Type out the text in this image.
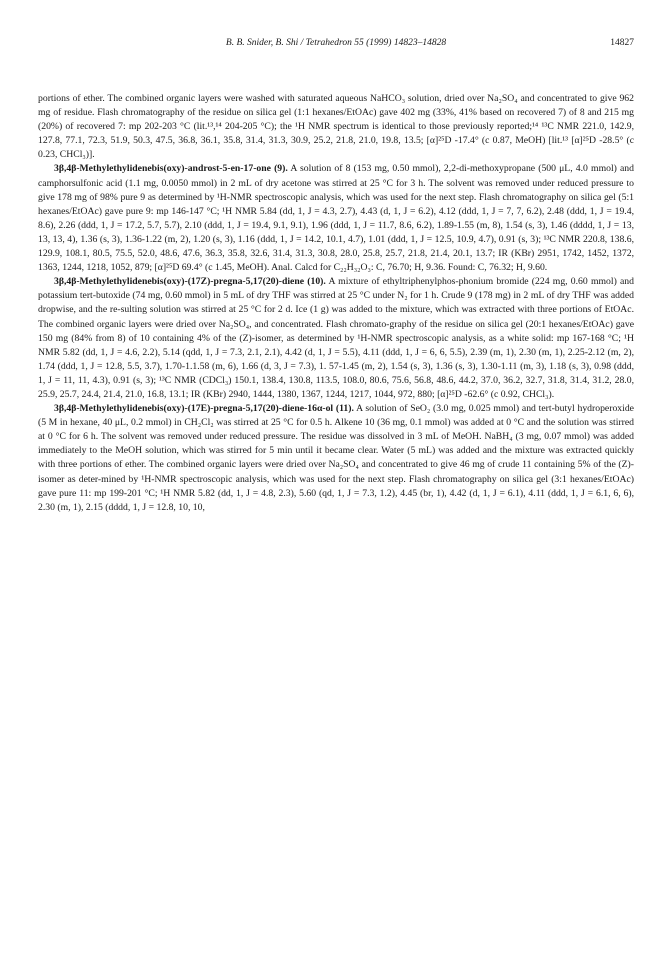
B. B. Snider, B. Shi / Tetrahedron 55 (1999) 14823–14828	14827

portions of ether. The combined organic layers were washed with saturated aqueous NaHCO₃ solution, dried over Na₂SO₄ and concentrated to give 962 mg of residue. Flash chromatography of the residue on silica gel (1:1 hexanes/EtOAc) gave 402 mg (33%, 41% based on recovered 7) of 8 and 215 mg (20%) of recovered 7: mp 202-203 °C (lit.¹³,¹⁴ 204-205 °C); the ¹H NMR spectrum is identical to those previously reported;¹⁴ ¹³C NMR 221.0, 142.9, 127.8, 77.1, 72.3, 51.9, 50.3, 47.5, 36.8, 36.1, 35.8, 31.4, 31.3, 30.9, 25.2, 21.8, 21.0, 19.8, 13.5; [α]²⁵D -17.4° (c 0.87, MeOH) [lit.¹³ [α]²⁵D -28.5° (c 0.23, CHCl₃)].

3β,4β-Methylethylidenebis(oxy)-androst-5-en-17-one (9). A solution of 8 (153 mg, 0.50 mmol), 2,2-di-methoxypropane (500 μL, 4.0 mmol) and camphorsulfonic acid (1.1 mg, 0.0050 mmol) in 2 mL of dry acetone was stirred at 25 °C for 3 h. The solvent was removed under reduced pressure to give 178 mg of 98% pure 9 as determined by ¹H-NMR spectroscopic analysis, which was used for the next step. Flash chromatography on silica gel (5:1 hexanes/EtOAc) gave pure 9: mp 146-147 °C; ¹H NMR 5.84 (dd, 1, J = 4.3, 2.7), 4.43 (d, 1, J = 6.2), 4.12 (ddd, 1, J = 7, 7, 6.2), 2.48 (ddd, 1, J = 19.4, 8.6), 2.26 (ddd, 1, J = 17.2, 5.7, 5.7), 2.10 (ddd, 1, J = 19.4, 9.1, 9.1), 1.96 (ddd, 1, J = 11.7, 8.6, 6.2), 1.89-1.55 (m, 8), 1.54 (s, 3), 1.46 (dddd, 1, J = 13, 13, 13, 4), 1.36 (s, 3), 1.36-1.22 (m, 2), 1.20 (s, 3), 1.16 (ddd, 1, J = 14.2, 10.1, 4.7), 1.01 (ddd, 1, J = 12.5, 10.9, 4.7), 0.91 (s, 3); ¹³C NMR 220.8, 138.6, 129.9, 108.1, 80.5, 75.5, 52.0, 48.6, 47.6, 36.3, 35.8, 32.6, 31.4, 31.3, 30.8, 28.0, 25.8, 25.7, 21.8, 21.4, 20.1, 13.7; IR (KBr) 2951, 1742, 1452, 1372, 1363, 1244, 1218, 1052, 879; [α]²⁵D 69.4° (c 1.45, MeOH). Anal. Calcd for C₂₂H₃₂O₃: C, 76.70; H, 9.36. Found: C, 76.32; H, 9.60.

3β,4β-Methylethylidenebis(oxy)-(17Z)-pregna-5,17(20)-diene (10). A mixture of ethyltriphenylphos-phonium bromide (224 mg, 0.60 mmol) and potassium tert-butoxide (74 mg, 0.60 mmol) in 5 mL of dry THF was stirred at 25 °C under N₂ for 1 h. Crude 9 (178 mg) in 2 mL of dry THF was added dropwise, and the re-sulting solution was stirred at 25 °C for 2 d. Ice (1 g) was added to the mixture, which was extracted with three portions of EtOAc. The combined organic layers were dried over Na₂SO₄, and concentrated. Flash chromato-graphy of the residue on silica gel (20:1 hexanes/EtOAc) gave 150 mg (84% from 8) of 10 containing 4% of the (Z)-isomer, as determined by ¹H-NMR spectroscopic analysis, as a white solid: mp 167-168 °C; ¹H NMR 5.82 (dd, 1, J = 4.6, 2.2), 5.14 (qdd, 1, J = 7.3, 2.1, 2.1), 4.42 (d, 1, J = 5.5), 4.11 (ddd, 1, J = 6, 6, 5.5), 2.39 (m, 1), 2.30 (m, 1), 2.25-2.12 (m, 2), 1.74 (ddd, 1, J = 12.8, 5.5, 3.7), 1.70-1.1.58 (m, 6), 1.66 (d, 3, J = 7.3), 1. 57-1.45 (m, 2), 1.54 (s, 3), 1.36 (s, 3), 1.30-1.11 (m, 3), 1.18 (s, 3), 0.98 (ddd, 1, J = 11, 11, 4.3), 0.91 (s, 3); ¹³C NMR (CDCl₃) 150.1, 138.4, 130.8, 113.5, 108.0, 80.6, 75.6, 56.8, 48.6, 44.2, 37.0, 36.2, 32.7, 31.8, 31.4, 31.2, 28.0, 25.9, 25.7, 24.4, 21.4, 21.0, 16.8, 13.1; IR (KBr) 2940, 1444, 1380, 1367, 1244, 1217, 1044, 972, 880; [α]²⁵D -62.6° (c 0.92, CHCl₃).

3β,4β-Methylethylidenebis(oxy)-(17E)-pregna-5,17(20)-diene-16α-ol (11). A solution of SeO₂ (3.0 mg, 0.025 mmol) and tert-butyl hydroperoxide (5 M in hexane, 40 μL, 0.2 mmol) in CH₂Cl₂ was stirred at 25 °C for 0.5 h. Alkene 10 (36 mg, 0.1 mmol) was added at 0 °C and the solution was stirred at 0 °C for 6 h. The solvent was removed under reduced pressure. The residue was dissolved in 3 mL of MeOH. NaBH₄ (3 mg, 0.07 mmol) was added immediately to the MeOH solution, which was stirred for 5 min until it became clear. Water (5 mL) was added and the mixture was extracted quickly with three portions of ether. The combined organic layers were dried over Na₂SO₄ and concentrated to give 46 mg of crude 11 containing 5% of the (Z)-isomer as deter-mined by ¹H-NMR spectroscopic analysis, which was used for the next step. Flash chromatography on silica gel (3:1 hexanes/EtOAc) gave pure 11: mp 199-201 °C; ¹H NMR 5.82 (dd, 1, J = 4.8, 2.3), 5.60 (qd, 1, J = 7.3, 1.2), 4.45 (br, 1), 4.42 (d, 1, J = 6.1), 4.11 (ddd, 1, J = 6.1, 6, 6), 2.30 (m, 1), 2.15 (dddd, 1, J = 12.8, 10, 10,
